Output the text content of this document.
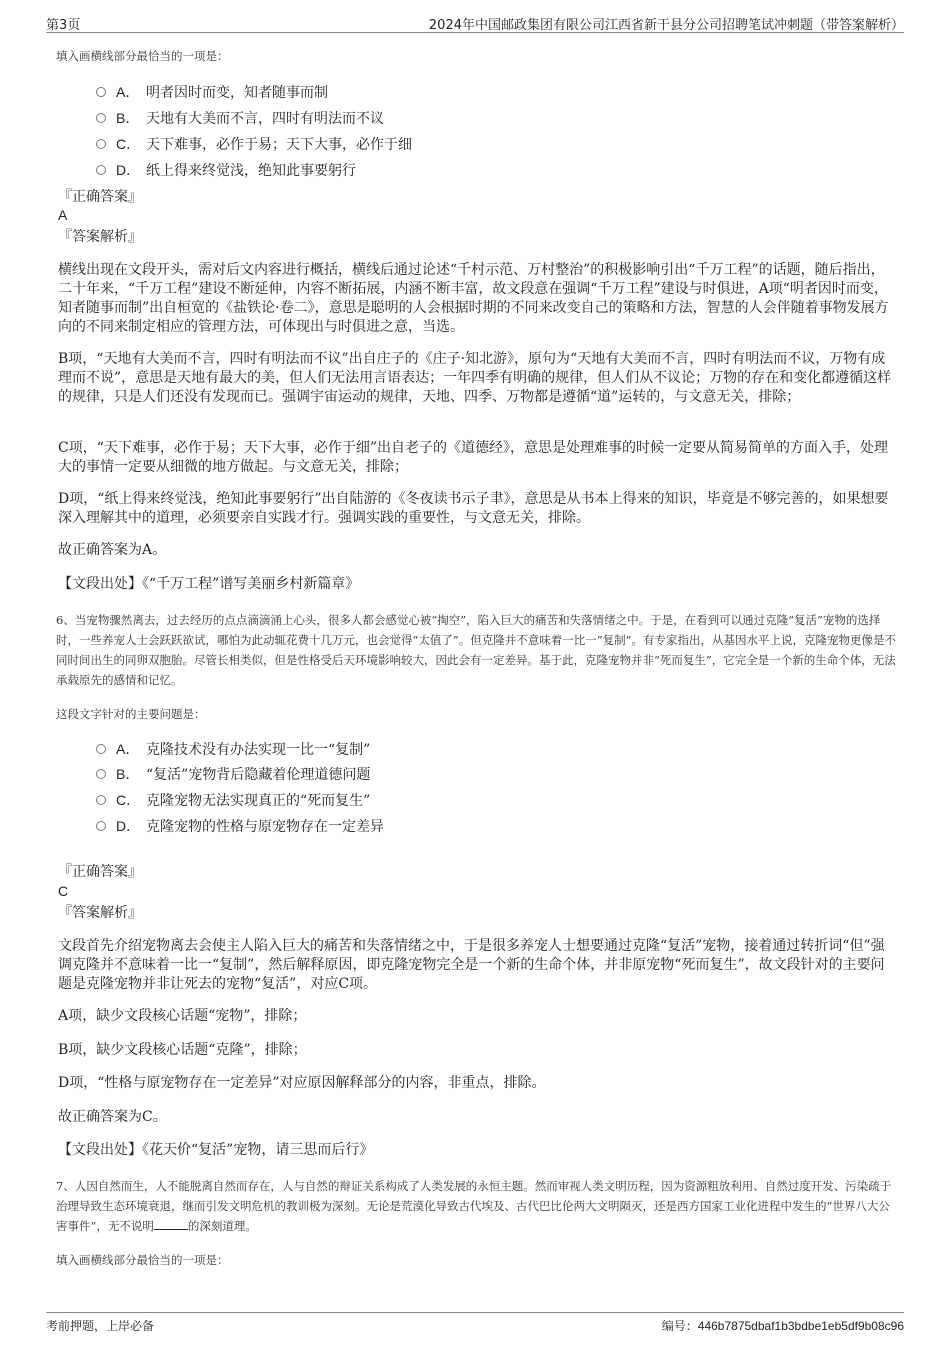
第3页	2024年中国邮政集团有限公司江西省新干县分公司招聘笔试冲刺题（带答案解析）
填入画横线部分最恰当的一项是：
A． 明者因时而变，知者随事而制
B． 天地有大美而不言，四时有明法而不议
C． 天下难事，必作于易；天下大事，必作于细
D． 纸上得来终觉浅，绝知此事要躬行
『正确答案』
A
『答案解析』
横线出现在文段开头，需对后文内容进行概括，横线后通过论述“千村示范、万村整治”的积极影响引出“千万工程”的话题，随后指出，二十年来，“千万工程”建设不断延伸，内容不断拓展，内涵不断丰富，故文段意在强调“千万工程”建设与时俱进，A项“明者因时而变，知者随事而制”出自桓宽的《盐铁论·卷二》，意思是聪明的人会根据时期的不同来改变自己的策略和方法，智慧的人会伴随着事物发展方向的不同来制定相应的管理方法，可体现出与时俱进之意，当选。
B项，“天地有大美而不言，四时有明法而不议”出自庄子的《庄子·知北游》，原句为“天地有大美而不言，四时有明法而不议，万物有成理而不说”，意思是天地有最大的美，但人们无法用言语表达；一年四季有明确的规律，但人们从不议论；万物的存在和变化都遵循这样的规律，只是人们还没有发现而已。强调宇宙运动的规律，天地、四季、万物都是遵循“道”运转的，与文意无关，排除；
C项，“天下难事，必作于易；天下大事，必作于细”出自老子的《道德经》，意思是处理难事的时候一定要从简易简单的方面入手，处理大的事情一定要从细微的地方做起。与文意无关，排除；
D项，“纸上得来终觉浅，绝知此事要躬行”出自陆游的《冬夜读书示子聿》，意思是从书本上得来的知识，毕竟是不够完善的，如果想要深入理解其中的道理，必须要亲自实践才行。强调实践的重要性，与文意无关，排除。
故正确答案为A。
【文段出处】《“千万工程”谱写美丽乡村新篇章》
6、当宠物骤然离去，过去经历的点点滴滴涌上心头，很多人都会感觉心被“掏空”，陷入巨大的痛苦和失落情绪之中。于是，在看到可以通过克隆“复活”宠物的选择时，一些养宠人士会跃跃欲试，哪怕为此动辄花费十几万元，也会觉得“太值了”。但克隆并不意味着一比一“复制”。有专家指出，从基因水平上说，克隆宠物更像是不同时间出生的同卵双胞胎。尽管长相类似，但是性格受后天环境影响较大，因此会有一定差异。基于此，克隆宠物并非“死而复生”，它完全是一个新的生命个体，无法承载原先的感情和记忆。
这段文字针对的主要问题是：
A． 克隆技术没有办法实现一比一“复制”
B． “复活”宠物背后隐藏着伦理道德问题
C． 克隆宠物无法实现真正的“死而复生”
D． 克隆宠物的性格与原宠物存在一定差异
『正确答案』
C
『答案解析』
文段首先介绍宠物离去会使主人陷入巨大的痛苦和失落情绪之中，于是很多养宠人士想要通过克隆“复活”宠物，接着通过转折词“但”强调克隆并不意味着一比一“复制”，然后解释原因，即克隆宠物完全是一个新的生命个体，并非原宠物“死而复生”，故文段针对的主要问题是克隆宠物并非让死去的宠物“复活”，对应C项。
A项，缺少文段核心话题“宠物”，排除；
B项，缺少文段核心话题“克隆”，排除；
D项，“性格与原宠物存在一定差异”对应原因解释部分的内容，非重点，排除。
故正确答案为C。
【文段出处】《花天价“复活”宠物，请三思而后行》
7、人因自然而生，人不能脱离自然而存在，人与自然的辩证关系构成了人类发展的永恒主题。然而审视人类文明历程，因为资源粗放利用、自然过度开发、污染疏于治理导致生态环境衰退，继而引发文明危机的教训极为深刻。无论是荒漠化导致古代埃及、古代巴比伦两大文明陨灭，还是西方国家工业化进程中发生的“世界八大公害事件”，无不说明	的深刻道理。
填入画横线部分最恰当的一项是：
考前押题，上岸必备	编号：446b7875dbaf1b3bdbe1eb5df9b08c96
